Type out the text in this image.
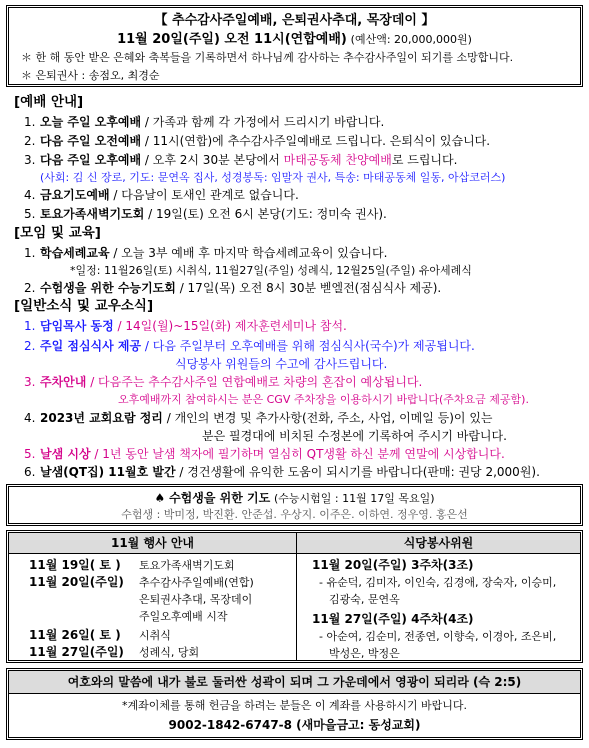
【 추수감사주일예배, 은퇴권사추대, 목장데이 】
11월 20일(주일) 오전 11시(연합예배) (예산액: 20,000,000원)
＊ 한 해 동안 받은 은혜와 축복들을 기록하면서 하나님께 감사하는 추수감사주일이 되기를 소망합니다.
＊ 은퇴권사 : 송점오, 최경순
[예배 안내]
1. 오늘 주일 오후예배 / 가족과 함께 각 가정에서 드리시기 바랍니다.
2. 다음 주일 오전예배 / 11시(연합)에 추수감사주일예배로 드립니다. 은퇴식이 있습니다.
3. 다음 주일 오후예배 / 오후 2시 30분 본당에서 마태공동체 찬양예배로 드립니다.
(사회: 김 신 장로, 기도: 문연옥 집사, 성경봉독: 임말자 권사, 특송: 마태공동체 일동, 아삽코러스)
4. 금요기도예배 / 다음날이 토새인 관계로 없습니다.
5. 토요가족새벽기도회 / 19일(토) 오전 6시 본당(기도: 정미숙 권사).
[모임 및 교육]
1. 학습세례교육 / 오늘 3부 예배 후 마지막 학습세례교육이 있습니다.
*일정: 11월26일(토) 시취식, 11월27일(주일) 성례식, 12월25일(주일) 유아세례식
2. 수험생을 위한 수능기도회 / 17일(목) 오전 8시 30분 벧엘전(점심식사 제공).
[일반소식 및 교우소식]
1. 담임목사 동정 / 14일(월)~15일(화) 제자훈련세미나 참석.
2. 주일 점심식사 제공 / 다음 주일부터 오후예배를 위해 점심식사(국수)가 제공됩니다.
식당봉사 위원들의 수고에 감사드립니다.
3. 주차안내 / 다음주는 추수감사주일 연합예배로 차량의 혼잡이 예상됩니다.
오후예배까지 참여하시는 분은 CGV 주차장을 이용하시기 바랍니다(주차요금 제공함).
4. 2023년 교회요람 정리 / 개인의 변경 및 추가사항(전화, 주소, 사업, 이메일 등)이 있는
분은 필경대에 비치된 수정본에 기록하여 주시기 바랍니다.
5. 날샘 시상 / 1년 동안 날샘 책자에 필기하며 열심히 QT생활 하신 분께 연말에 시상합니다.
6. 날샘(QT집) 11월호 발간 / 경건생활에 유익한 도움이 되시기를 바랍니다(판매: 권당 2,000원).
♠ 수험생을 위한 기도 (수능시험일 : 11월 17일 목요일)
수험생 : 박미정, 박진환. 안준섭. 우상지. 이주은. 이하연. 정우영. 홍은선
11월 행사 안내	식당봉사위원
11월 19일( 토 ) 토요가족새벽기도회
11월 20일(주일) 추수감사주일예배(연합)
은퇴권사추대, 목장데이
주일오후예배 시작
11월 26일( 토 ) 시취식
11월 27일(주일) 성례식, 당회
11월 20일(주일) 3주차(3조)
- 유순덕, 김미자, 이인숙, 김경애, 장숙자, 이승미,
김광숙, 문연옥
11월 27일(주일) 4주차(4조)
- 아순여, 김순미, 전종연, 이향숙, 이경아, 조은비,
박성은, 박정은
여호와의 말씀에 내가 불로 둘러싼 성곽이 되며 그 가운데에서 영광이 되리라 (슥 2:5)
*계좌이체를 통해 헌금을 하려는 분들은 이 계좌를 사용하시기 바랍니다.
9002-1842-6747-8 (새마을금고: 동성교회)
